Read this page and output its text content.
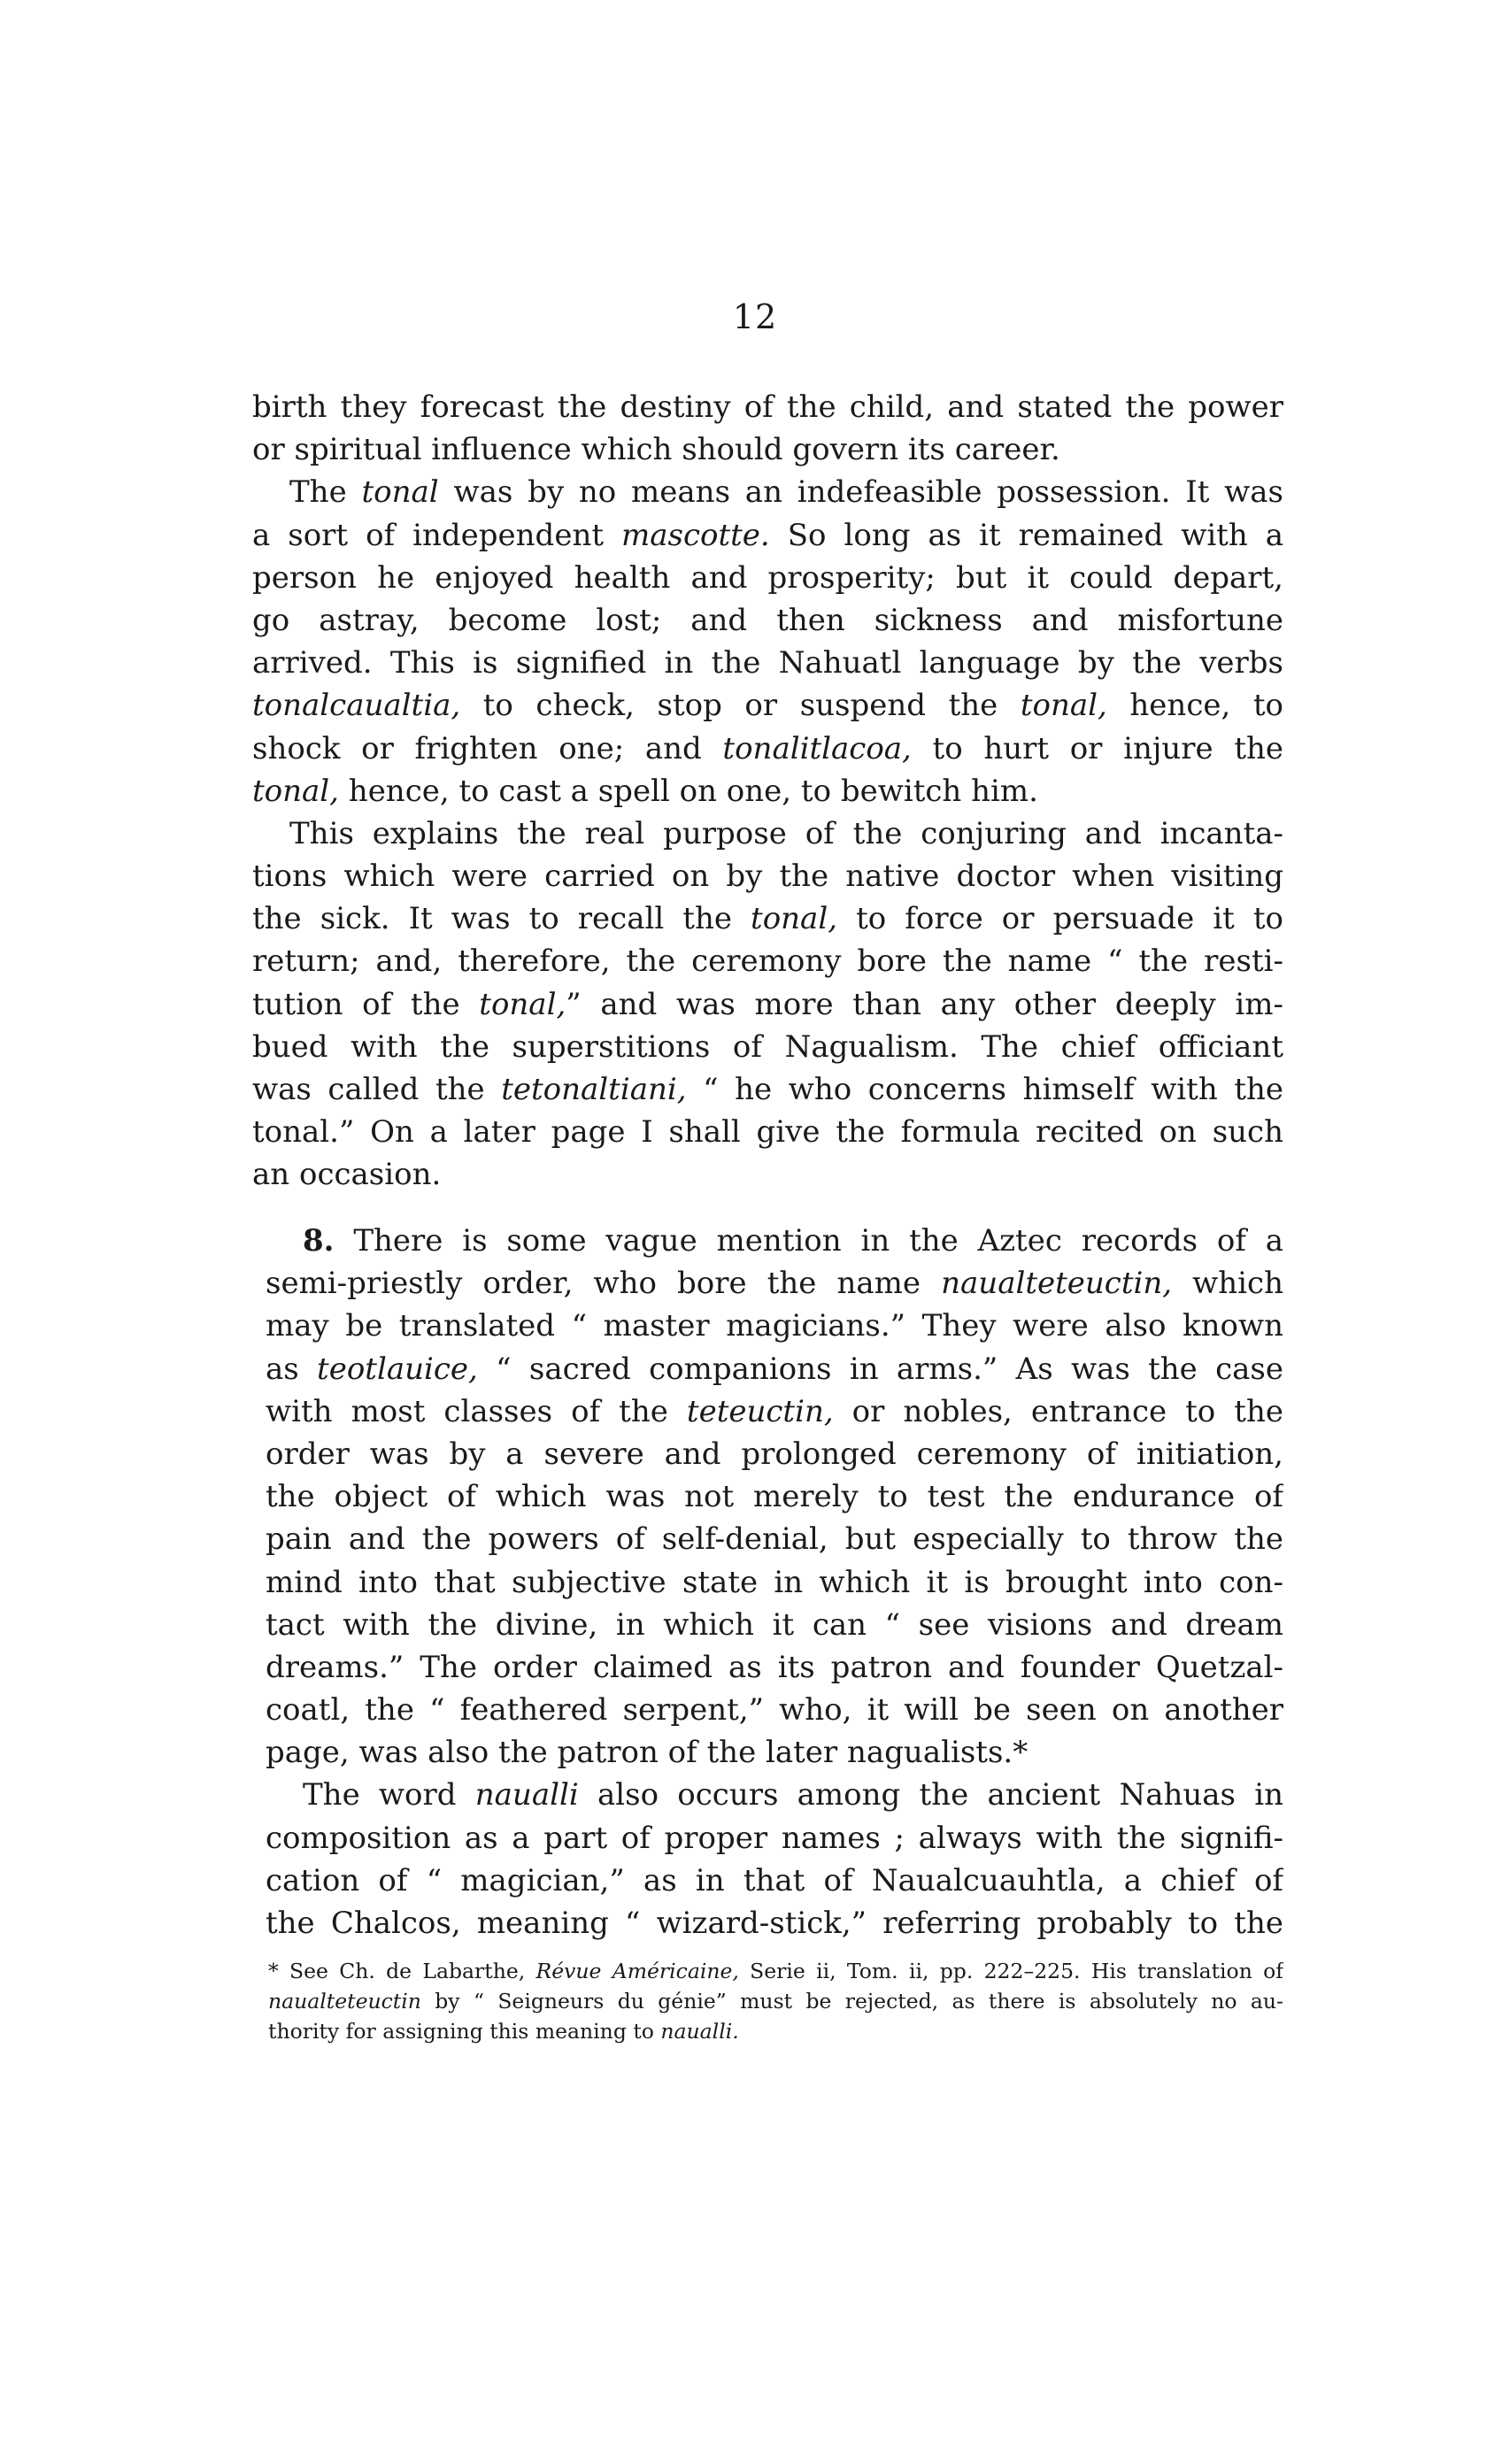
12
birth they forecast the destiny of the child, and stated the power
or spiritual influence which should govern its career.
The tonal was by no means an indefeasible possession. It was
a sort of independent mascotte. So long as it remained with a
person he enjoyed health and prosperity; but it could depart,
go astray, become lost; and then sickness and misfortune
arrived. This is signified in the Nahuatl language by the verbs
tonalcaualtia, to check, stop or suspend the tonal, hence, to
shock or frighten one; and tonalitlacoa, to hurt or injure the
tonal, hence, to cast a spell on one, to bewitch him.
This explains the real purpose of the conjuring and incanta-
tions which were carried on by the native doctor when visiting
the sick. It was to recall the tonal, to force or persuade it to
return; and, therefore, the ceremony bore the name “ the resti-
tution of the tonal,” and was more than any other deeply im-
bued with the superstitions of Nagualism. The chief officiant
was called the tetonaltiani, “ he who concerns himself with the
tonal.” On a later page I shall give the formula recited on such
an occasion.
8. There is some vague mention in the Aztec records of a
semi-priestly order, who bore the name naualteteuctin, which
may be translated “ master magicians.” They were also known
as teotlauice, “ sacred companions in arms.” As was the case
with most classes of the teteuctin, or nobles, entrance to the
order was by a severe and prolonged ceremony of initiation,
the object of which was not merely to test the endurance of
pain and the powers of self-denial, but especially to throw the
mind into that subjective state in which it is brought into con-
tact with the divine, in which it can “ see visions and dream
dreams.” The order claimed as its patron and founder Quetzal-
coatl, the “ feathered serpent,” who, it will be seen on another
page, was also the patron of the later nagualists.*
The word naualli also occurs among the ancient Nahuas in
composition as a part of proper names ; always with the signifi-
cation of “ magician,” as in that of Naualcuauhtla, a chief of
the Chalcos, meaning “ wizard-stick,” referring probably to the
* See Ch. de Labarthe, Révue Américaine, Serie ii, Tom. ii, pp. 222–225. His translation of
naualteteuctin by “ Seigneurs du génie” must be rejected, as there is absolutely no au-
thority for assigning this meaning to naualli.
